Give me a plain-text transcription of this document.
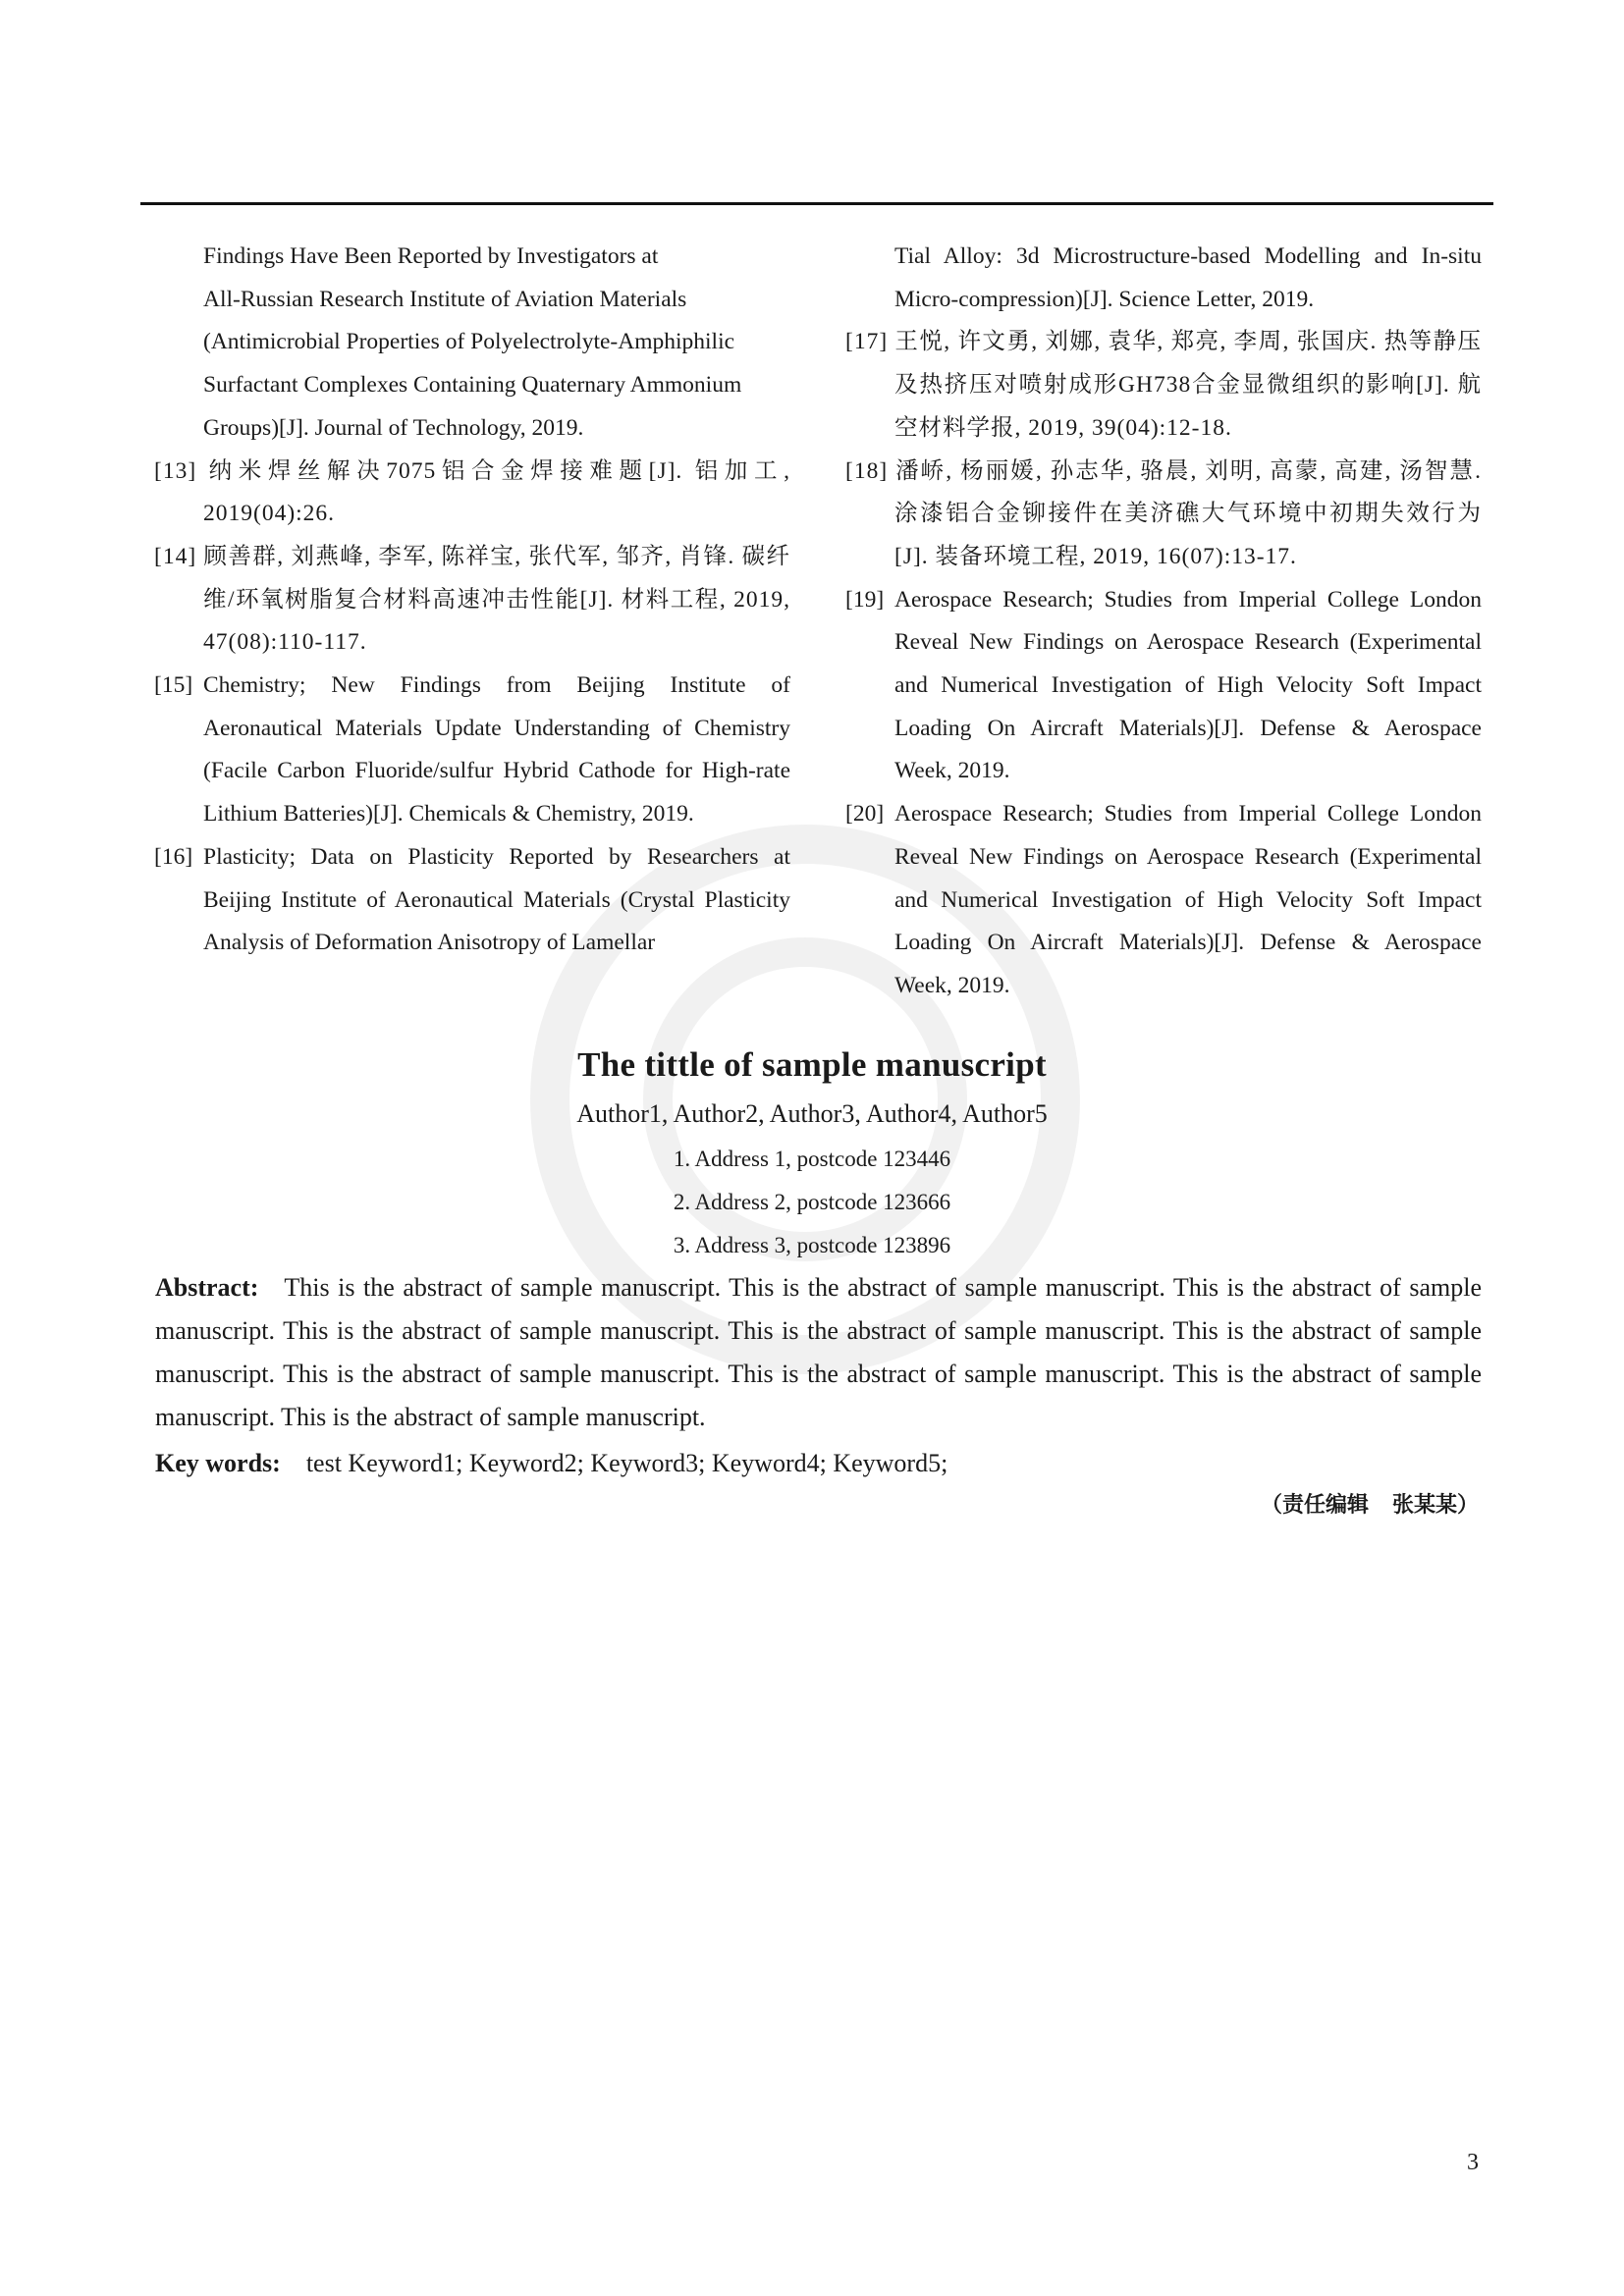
Findings Have Been Reported by Investigators at
All-Russian Research Institute of Aviation Materials
(Antimicrobial Properties of Polyelectrolyte-Amphiphilic
Surfactant Complexes Containing Quaternary Ammonium
Groups)[J]. Journal of Technology, 2019.
[13] 纳米焊丝解决7075铝合金焊接难题[J]. 铝加工, 2019(04):26.
[14] 顾善群, 刘燕峰, 李军, 陈祥宝, 张代军, 邹齐, 肖锋. 碳纤维/环氧树脂复合材料高速冲击性能[J]. 材料工程, 2019, 47(08):110-117.
[15] Chemistry; New Findings from Beijing Institute of Aeronautical Materials Update Understanding of Chemistry (Facile Carbon Fluoride/sulfur Hybrid Cathode for High-rate Lithium Batteries)[J]. Chemicals & Chemistry, 2019.
[16] Plasticity; Data on Plasticity Reported by Researchers at Beijing Institute of Aeronautical Materials (Crystal Plasticity Analysis of Deformation Anisotropy of Lamellar
Tial Alloy: 3d Microstructure-based Modelling and In-situ Micro-compression)[J]. Science Letter, 2019.
[17] 王悦, 许文勇, 刘娜, 袁华, 郑亮, 李周, 张国庆. 热等静压及热挤压对喷射成形GH738合金显微组织的影响[J]. 航空材料学报, 2019, 39(04):12-18.
[18] 潘峤, 杨丽媛, 孙志华, 骆晨, 刘明, 高蒙, 高建, 汤智慧. 涂漆铝合金铆接件在美济礁大气环境中初期失效行为[J]. 装备环境工程, 2019, 16(07):13-17.
[19] Aerospace Research; Studies from Imperial College London Reveal New Findings on Aerospace Research (Experimental and Numerical Investigation of High Velocity Soft Impact Loading On Aircraft Materials)[J]. Defense & Aerospace Week, 2019.
[20] Aerospace Research; Studies from Imperial College London Reveal New Findings on Aerospace Research (Experimental and Numerical Investigation of High Velocity Soft Impact Loading On Aircraft Materials)[J]. Defense & Aerospace Week, 2019.
The tittle of sample manuscript
Author1, Author2, Author3, Author4, Author5
1. Address 1, postcode 123446
2. Address 2, postcode 123666
3. Address 3, postcode 123896
Abstract: This is the abstract of sample manuscript. This is the abstract of sample manuscript. This is the abstract of sample manuscript. This is the abstract of sample manuscript. This is the abstract of sample manuscript. This is the abstract of sample manuscript. This is the abstract of sample manuscript. This is the abstract of sample manuscript. This is the abstract of sample manuscript. This is the abstract of sample manuscript.
Key words: test Keyword1; Keyword2; Keyword3; Keyword4; Keyword5;
（责任编辑 张某某）
3
